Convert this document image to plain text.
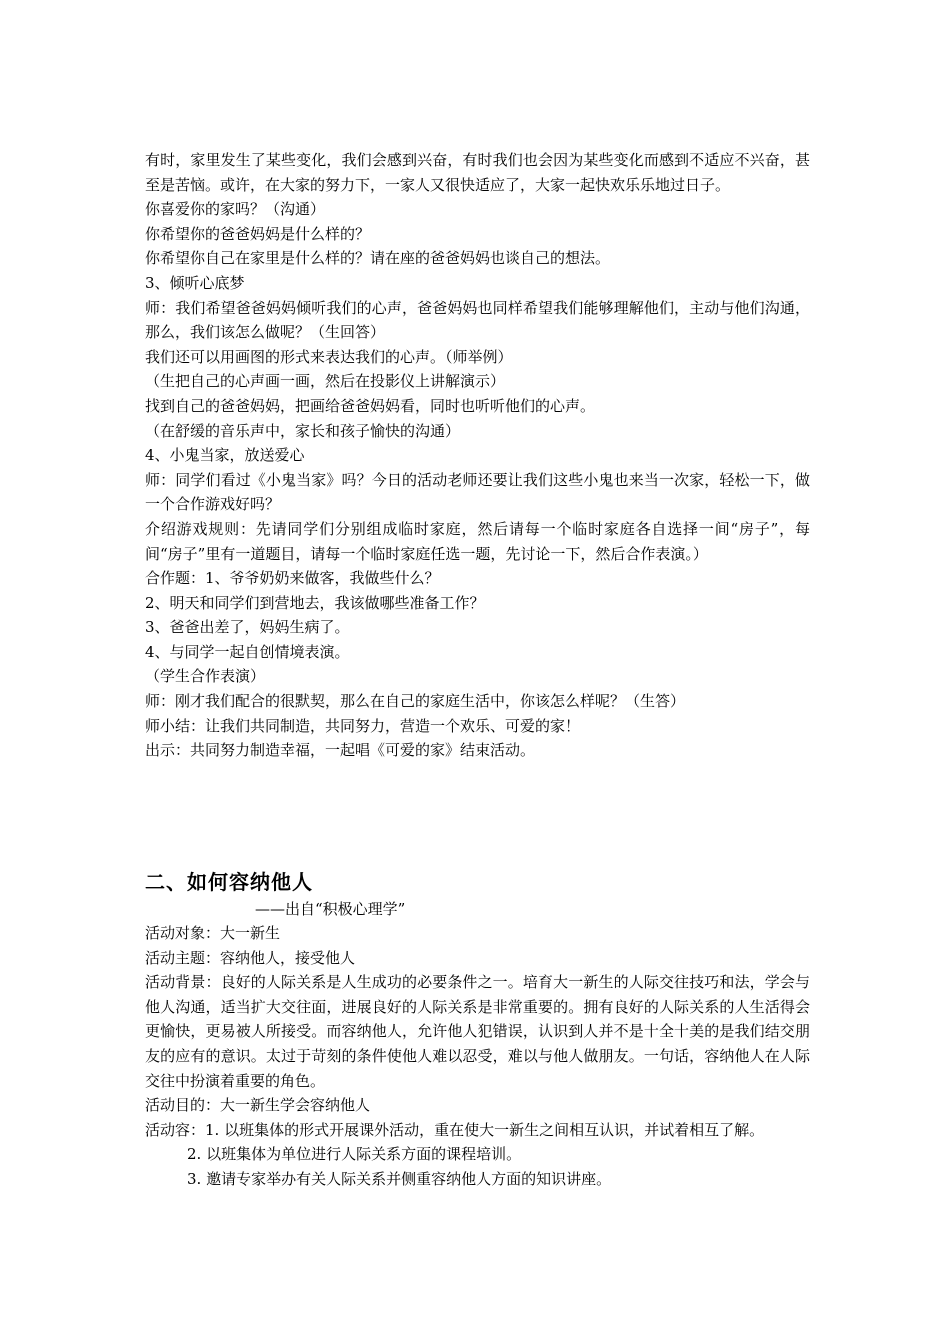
有时，家里发生了某些变化，我们会感到兴奋，有时我们也会因为某些变化而感到不适应不兴奋，甚至是苦恼。或许，在大家的努力下，一家人又很快适应了，大家一起快欢乐乐地过日子。

你喜爱你的家吗？（沟通）

你希望你的爸爸妈妈是什么样的？

你希望你自己在家里是什么样的？请在座的爸爸妈妈也谈自己的想法。

3、倾听心底梦

师：我们希望爸爸妈妈倾听我们的心声，爸爸妈妈也同样希望我们能够理解他们，主动与他们沟通，那么，我们该怎么做呢？（生回答）

我们还可以用画图的形式来表达我们的心声。（师举例）

（生把自己的心声画一画，然后在投影仪上讲解演示）

找到自己的爸爸妈妈，把画给爸爸妈妈看，同时也听听他们的心声。

（在舒缓的音乐声中，家长和孩子愉快的沟通）

4、小鬼当家，放送爱心

师：同学们看过《小鬼当家》吗？今日的活动老师还要让我们这些小鬼也来当一次家，轻松一下，做一个合作游戏好吗？

介绍游戏规则：先请同学们分别组成临时家庭，然后请每一个临时家庭各自选择一间“房子”，每间“房子”里有一道题目，请每一个临时家庭任选一题，先讨论一下，然后合作表演。）

合作题：1、爷爷奶奶来做客，我做些什么？

2、明天和同学们到营地去，我该做哪些准备工作？

3、爸爸出差了，妈妈生病了。

4、与同学一起自创情境表演。

（学生合作表演）

师：刚才我们配合的很默契，那么在自己的家庭生活中，你该怎么样呢？（生答）

师小结：让我们共同制造，共同努力，营造一个欢乐、可爱的家！

出示：共同努力制造幸福，一起唱《可爱的家》结束活动。

二、如何容纳他人

——出自“积极心理学”

活动对象：大一新生

活动主题：容纳他人，接受他人

活动背景：良好的人际关系是人生成功的必要条件之一。培育大一新生的人际交往技巧和法，学会与他人沟通，适当扩大交往面，进展良好的人际关系是非常重要的。拥有良好的人际关系的人生活得会更愉快，更易被人所接受。而容纳他人，允许他人犯错误，认识到人并不是十全十美的是我们结交朋友的应有的意识。太过于苛刻的条件使他人难以忍受，难以与他人做朋友。一句话，容纳他人在人际交往中扮演着重要的角色。

活动目的：大一新生学会容纳他人

活动容：1. 以班集体的形式开展课外活动，重在使大一新生之间相互认识，并试着相互了解。

2. 以班集体为单位进行人际关系方面的课程培训。

3. 邀请专家举办有关人际关系并侧重容纳他人方面的知识讲座。
